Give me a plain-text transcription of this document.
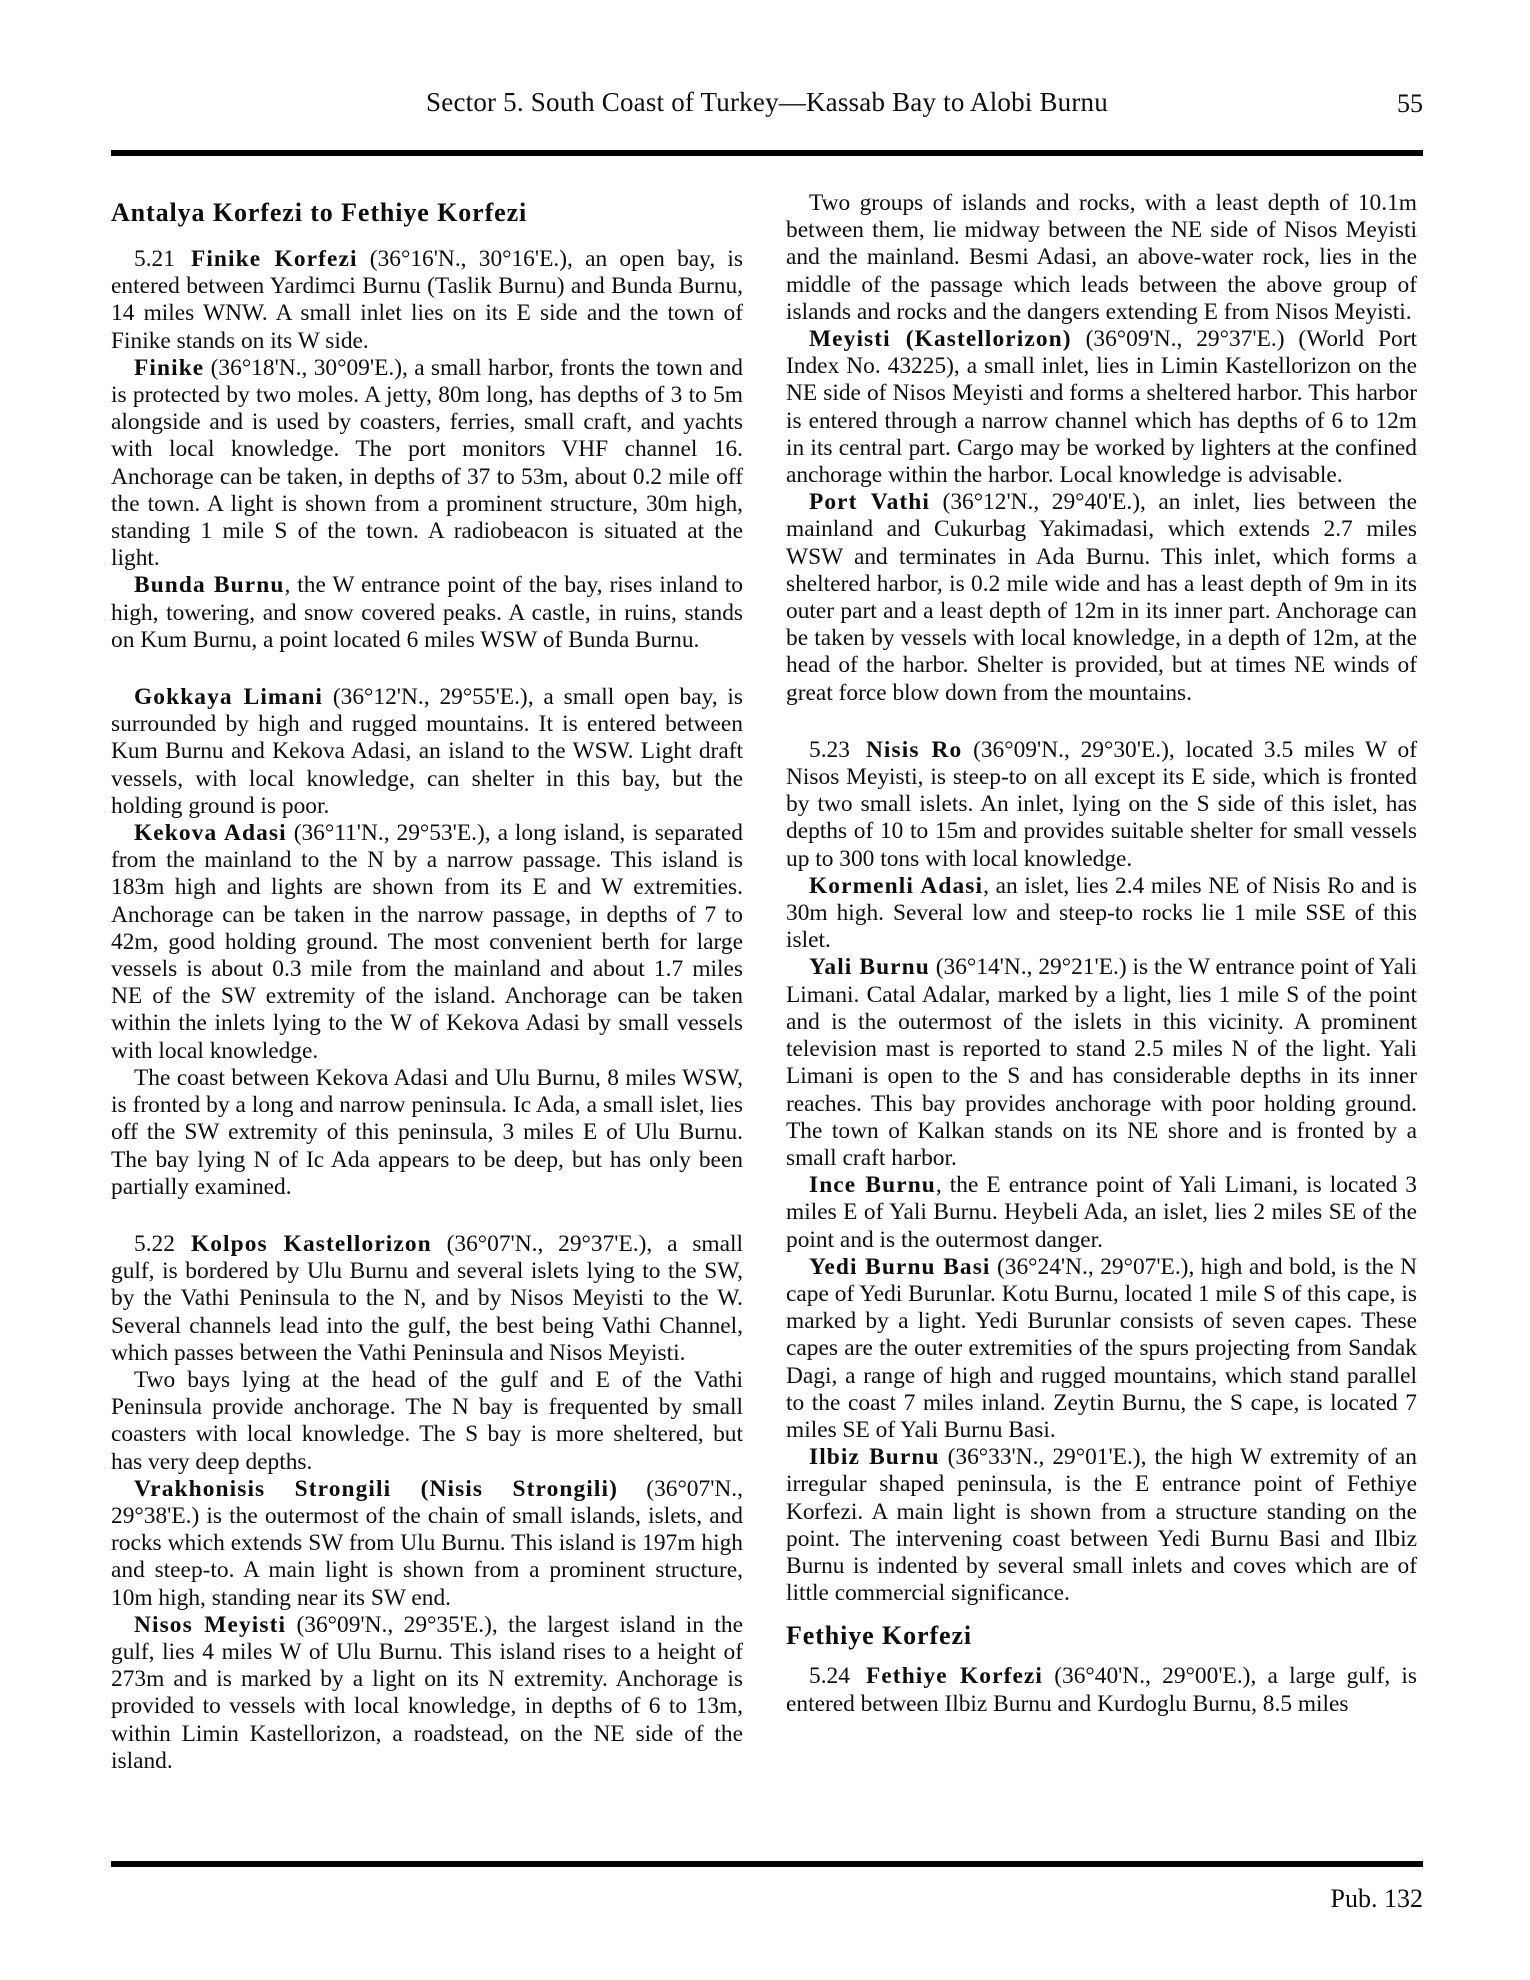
Sector 5. South Coast of Turkey—Kassab Bay to Alobi Burnu	55
Antalya Korfezi to Fethiye Korfezi

5.21 Finike Korfezi (36°16'N., 30°16'E.), an open bay, is entered between Yardimci Burnu (Taslik Burnu) and Bunda Burnu, 14 miles WNW. A small inlet lies on its E side and the town of Finike stands on its W side.

Finike (36°18'N., 30°09'E.), a small harbor, fronts the town and is protected by two moles. A jetty, 80m long, has depths of 3 to 5m alongside and is used by coasters, ferries, small craft, and yachts with local knowledge. The port monitors VHF channel 16. Anchorage can be taken, in depths of 37 to 53m, about 0.2 mile off the town. A light is shown from a prominent structure, 30m high, standing 1 mile S of the town. A radiobeacon is situated at the light.

Bunda Burnu, the W entrance point of the bay, rises inland to high, towering, and snow covered peaks. A castle, in ruins, stands on Kum Burnu, a point located 6 miles WSW of Bunda Burnu.

Gokkaya Limani (36°12'N., 29°55'E.), a small open bay, is surrounded by high and rugged mountains. It is entered between Kum Burnu and Kekova Adasi, an island to the WSW. Light draft vessels, with local knowledge, can shelter in this bay, but the holding ground is poor.

Kekova Adasi (36°11'N., 29°53'E.), a long island, is separated from the mainland to the N by a narrow passage. This island is 183m high and lights are shown from its E and W extremities. Anchorage can be taken in the narrow passage, in depths of 7 to 42m, good holding ground. The most convenient berth for large vessels is about 0.3 mile from the mainland and about 1.7 miles NE of the SW extremity of the island. Anchorage can be taken within the inlets lying to the W of Kekova Adasi by small vessels with local knowledge.

The coast between Kekova Adasi and Ulu Burnu, 8 miles WSW, is fronted by a long and narrow peninsula. Ic Ada, a small islet, lies off the SW extremity of this peninsula, 3 miles E of Ulu Burnu. The bay lying N of Ic Ada appears to be deep, but has only been partially examined.

5.22 Kolpos Kastellorizon (36°07'N., 29°37'E.), a small gulf, is bordered by Ulu Burnu and several islets lying to the SW, by the Vathi Peninsula to the N, and by Nisos Meyisti to the W. Several channels lead into the gulf, the best being Vathi Channel, which passes between the Vathi Peninsula and Nisos Meyisti.

Two bays lying at the head of the gulf and E of the Vathi Peninsula provide anchorage. The N bay is frequented by small coasters with local knowledge. The S bay is more sheltered, but has very deep depths.

Vrakhonisis Strongili (Nisis Strongili) (36°07'N., 29°38'E.) is the outermost of the chain of small islands, islets, and rocks which extends SW from Ulu Burnu. This island is 197m high and steep-to. A main light is shown from a prominent structure, 10m high, standing near its SW end.

Nisos Meyisti (36°09'N., 29°35'E.), the largest island in the gulf, lies 4 miles W of Ulu Burnu. This island rises to a height of 273m and is marked by a light on its N extremity. Anchorage is provided to vessels with local knowledge, in depths of 6 to 13m, within Limin Kastellorizon, a roadstead, on the NE side of the island.

Two groups of islands and rocks, with a least depth of 10.1m between them, lie midway between the NE side of Nisos Meyisti and the mainland. Besmi Adasi, an above-water rock, lies in the middle of the passage which leads between the above group of islands and rocks and the dangers extending E from Nisos Meyisti.

Meyisti (Kastellorizon) (36°09'N., 29°37'E.) (World Port Index No. 43225), a small inlet, lies in Limin Kastellorizon on the NE side of Nisos Meyisti and forms a sheltered harbor. This harbor is entered through a narrow channel which has depths of 6 to 12m in its central part. Cargo may be worked by lighters at the confined anchorage within the harbor. Local knowledge is advisable.

Port Vathi (36°12'N., 29°40'E.), an inlet, lies between the mainland and Cukurbag Yakimadasi, which extends 2.7 miles WSW and terminates in Ada Burnu. This inlet, which forms a sheltered harbor, is 0.2 mile wide and has a least depth of 9m in its outer part and a least depth of 12m in its inner part. Anchorage can be taken by vessels with local knowledge, in a depth of 12m, at the head of the harbor. Shelter is provided, but at times NE winds of great force blow down from the mountains.

5.23 Nisis Ro (36°09'N., 29°30'E.), located 3.5 miles W of Nisos Meyisti, is steep-to on all except its E side, which is fronted by two small islets. An inlet, lying on the S side of this islet, has depths of 10 to 15m and provides suitable shelter for small vessels up to 300 tons with local knowledge.

Kormenli Adasi, an islet, lies 2.4 miles NE of Nisis Ro and is 30m high. Several low and steep-to rocks lie 1 mile SSE of this islet.

Yali Burnu (36°14'N., 29°21'E.) is the W entrance point of Yali Limani. Catal Adalar, marked by a light, lies 1 mile S of the point and is the outermost of the islets in this vicinity. A prominent television mast is reported to stand 2.5 miles N of the light. Yali Limani is open to the S and has considerable depths in its inner reaches. This bay provides anchorage with poor holding ground. The town of Kalkan stands on its NE shore and is fronted by a small craft harbor.

Ince Burnu, the E entrance point of Yali Limani, is located 3 miles E of Yali Burnu. Heybeli Ada, an islet, lies 2 miles SE of the point and is the outermost danger.

Yedi Burnu Basi (36°24'N., 29°07'E.), high and bold, is the N cape of Yedi Burunlar. Kotu Burnu, located 1 mile S of this cape, is marked by a light. Yedi Burunlar consists of seven capes. These capes are the outer extremities of the spurs projecting from Sandak Dagi, a range of high and rugged mountains, which stand parallel to the coast 7 miles inland. Zeytin Burnu, the S cape, is located 7 miles SE of Yali Burnu Basi.

Ilbiz Burnu (36°33'N., 29°01'E.), the high W extremity of an irregular shaped peninsula, is the E entrance point of Fethiye Korfezi. A main light is shown from a structure standing on the point. The intervening coast between Yedi Burnu Basi and Ilbiz Burnu is indented by several small inlets and coves which are of little commercial significance.

Fethiye Korfezi

5.24 Fethiye Korfezi (36°40'N., 29°00'E.), a large gulf, is entered between Ilbiz Burnu and Kurdoglu Burnu, 8.5 miles

Pub. 132
